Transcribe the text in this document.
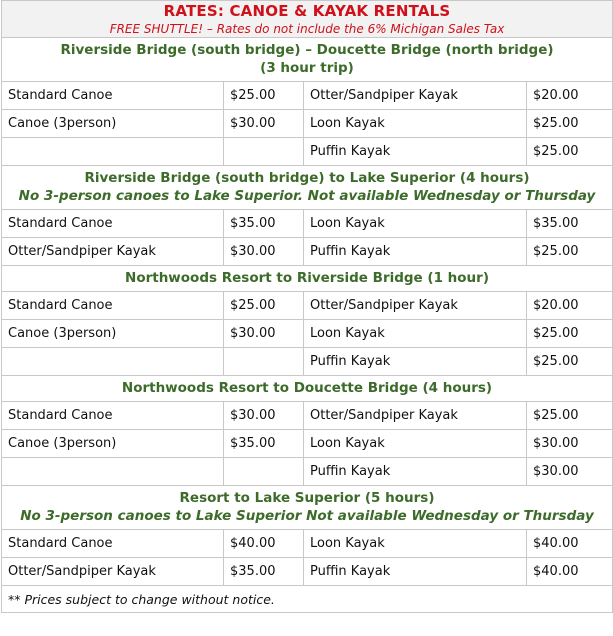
RATES: CANOE & KAYAK RENTALS
FREE SHUTTLE! – Rates do not include the 6% Michigan Sales Tax			

Riverside Bridge (south bridge) – Doucette Bridge (north bridge)
(3 hour trip)			

Standard Canoe	$25.00	Otter/Sandpiper Kayak	$20.00
Canoe (3person)	$30.00	Loon Kayak	$25.00
		Puffin Kayak	$25.00

Riverside Bridge (south bridge) to Lake Superior (4 hours)
No 3-person canoes to Lake Superior. Not available Wednesday or Thursday			

Standard Canoe	$35.00	Loon Kayak	$35.00
Otter/Sandpiper Kayak	$30.00	Puffin Kayak	$25.00

Northwoods Resort to Riverside Bridge (1 hour)			

Standard Canoe	$25.00	Otter/Sandpiper Kayak	$20.00
Canoe (3person)	$30.00	Loon Kayak	$25.00
		Puffin Kayak	$25.00

Northwoods Resort to Doucette Bridge (4 hours)			

Standard Canoe	$30.00	Otter/Sandpiper Kayak	$25.00
Canoe (3person)	$35.00	Loon Kayak	$30.00
		Puffin Kayak	$30.00

Resort to Lake Superior (5 hours)
No 3-person canoes to Lake Superior Not available Wednesday or Thursday			

Standard Canoe	$40.00	Loon Kayak	$40.00
Otter/Sandpiper Kayak	$35.00	Puffin Kayak	$40.00
** Prices subject to change without notice.			
